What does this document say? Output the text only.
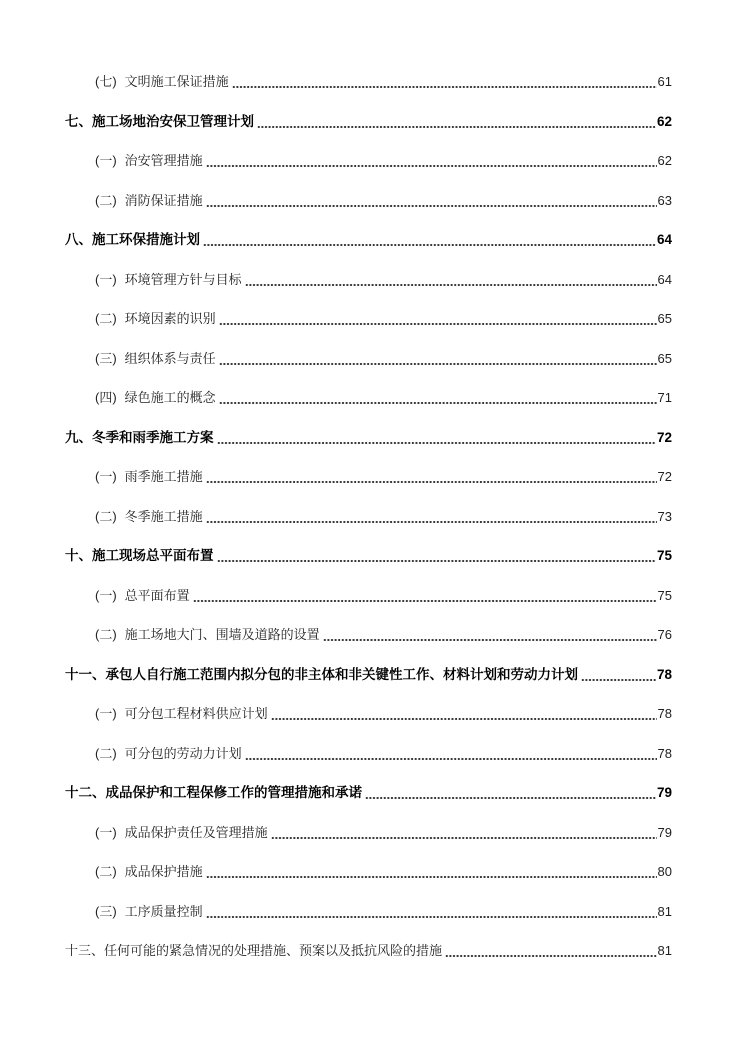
(七) 文明施工保证措施	61
七、 施工场地治安保卫管理计划	62
(一) 治安管理措施	62
(二) 消防保证措施	63
八、 施工环保措施计划	64
(一) 环境管理方针与目标	64
(二) 环境因素的识别	65
(三) 组织体系与责任	65
(四) 绿色施工的概念	71
九、 冬季和雨季施工方案	72
(一) 雨季施工措施	72
(二) 冬季施工措施	73
十、 施工现场总平面布置	75
(一) 总平面布置	75
(二) 施工场地大门、围墙及道路的设置	76
十一、 承包人自行施工范围内拟分包的非主体和非关键性工作、材料计划和劳动力计划	78
(一) 可分包工程材料供应计划	78
(二) 可分包的劳动力计划	78
十二、 成品保护和工程保修工作的管理措施和承诺	79
(一) 成品保护责任及管理措施	79
(二) 成品保护措施	80
(三) 工序质量控制	81
十三、 任何可能的紧急情况的处理措施、预案以及抵抗风险的措施	81
